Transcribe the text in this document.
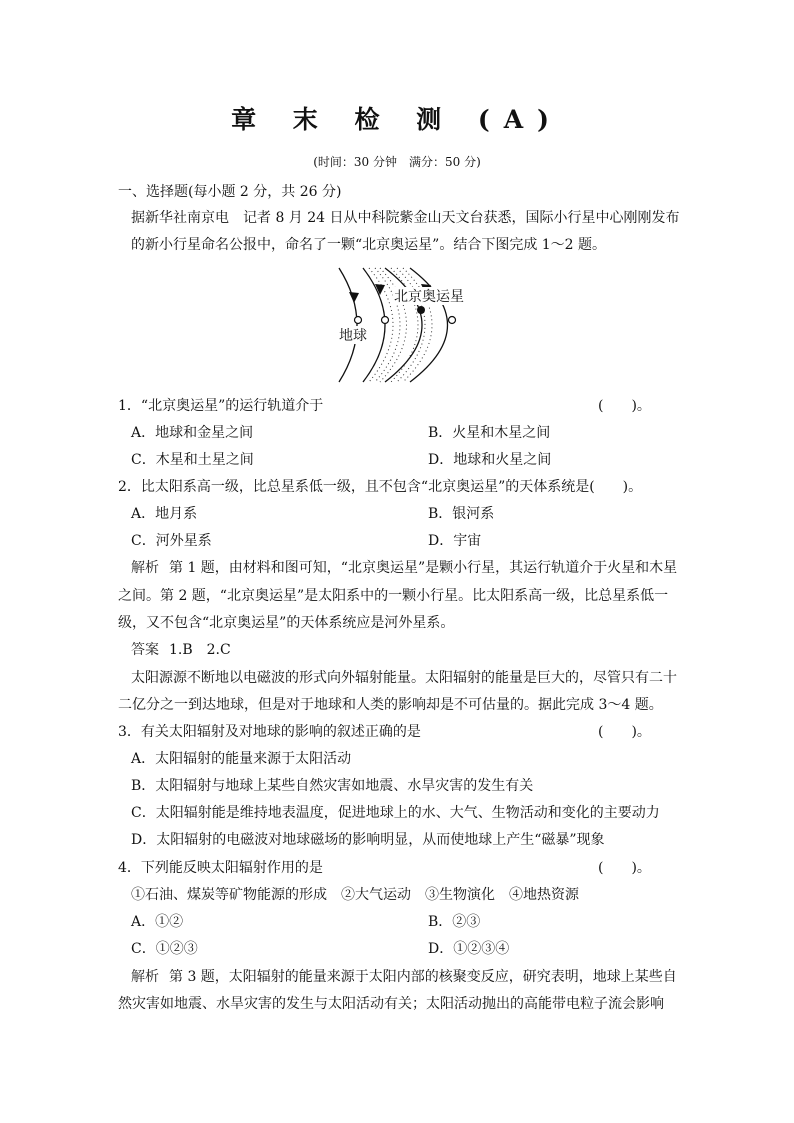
章 末 检 测 (A)
(时间：30 分钟　满分：50 分)
一、选择题(每小题 2 分，共 26 分)
据新华社南京电　记者 8 月 24 日从中科院紫金山天文台获悉，国际小行星中心刚刚发布
的新小行星命名公报中，命名了一颗“北京奥运星”。结合下图完成 1～2 题。
北京奥运星
地球
1．“北京奥运星”的运行轨道介于	(　　)。
A．地球和金星之间	B．火星和木星之间
C．木星和土星之间	D．地球和火星之间
2．比太阳系高一级，比总星系低一级，且不包含“北京奥运星”的天体系统是(　　)。
A．地月系	B．银河系
C．河外星系	D．宇宙
解析 第 1 题，由材料和图可知，“北京奥运星”是颗小行星，其运行轨道介于火星和木星
之间。第 2 题，“北京奥运星”是太阳系中的一颗小行星。比太阳系高一级，比总星系低一
级，又不包含“北京奥运星”的天体系统应是河外星系。
答案 1.B　2.C
太阳源源不断地以电磁波的形式向外辐射能量。太阳辐射的能量是巨大的，尽管只有二十
二亿分之一到达地球，但是对于地球和人类的影响却是不可估量的。据此完成 3～4 题。
3．有关太阳辐射及对地球的影响的叙述正确的是	(　　)。
A．太阳辐射的能量来源于太阳活动
B．太阳辐射与地球上某些自然灾害如地震、水旱灾害的发生有关
C．太阳辐射能是维持地表温度，促进地球上的水、大气、生物活动和变化的主要动力
D．太阳辐射的电磁波对地球磁场的影响明显，从而使地球上产生“磁暴”现象
4．下列能反映太阳辐射作用的是	(　　)。
①石油、煤炭等矿物能源的形成　②大气运动　③生物演化　④地热资源
A．①②	B．②③
C．①②③	D．①②③④
解析 第 3 题，太阳辐射的能量来源于太阳内部的核聚变反应，研究表明，地球上某些自
然灾害如地震、水旱灾害的发生与太阳活动有关；太阳活动抛出的高能带电粒子流会影响
